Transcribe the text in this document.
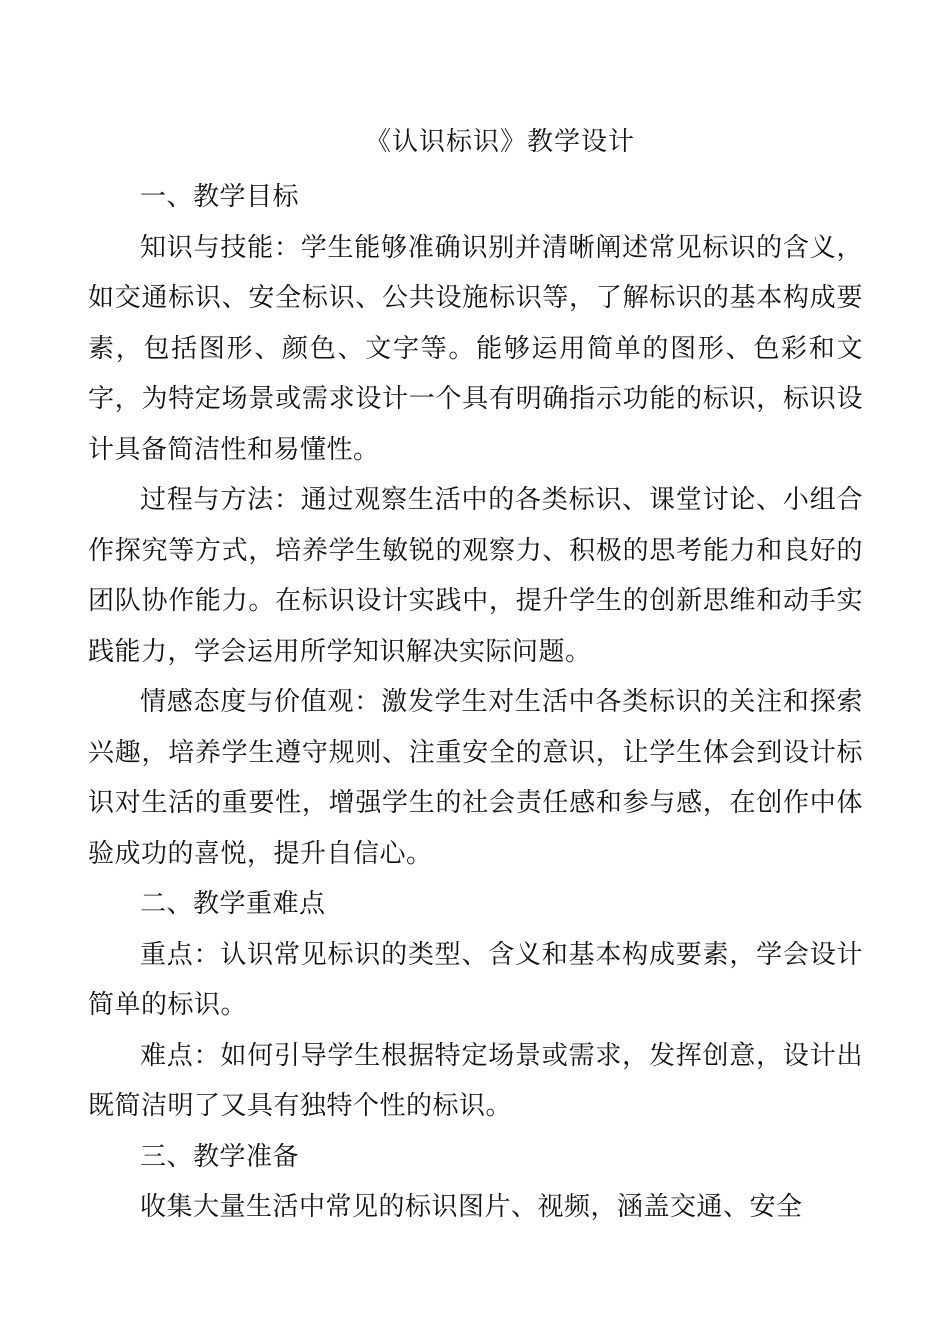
《认识标识》教学设计
一、教学目标

知识与技能：学生能够准确识别并清晰阐述常见标识的含义，如交通标识、安全标识、公共设施标识等，了解标识的基本构成要素，包括图形、颜色、文字等。能够运用简单的图形、色彩和文字，为特定场景或需求设计一个具有明确指示功能的标识，标识设计具备简洁性和易懂性。

过程与方法：通过观察生活中的各类标识、课堂讨论、小组合作探究等方式，培养学生敏锐的观察力、积极的思考能力和良好的团队协作能力。在标识设计实践中，提升学生的创新思维和动手实践能力，学会运用所学知识解决实际问题。

情感态度与价值观：激发学生对生活中各类标识的关注和探索兴趣，培养学生遵守规则、注重安全的意识，让学生体会到设计标识对生活的重要性，增强学生的社会责任感和参与感，在创作中体验成功的喜悦，提升自信心。

二、教学重难点

重点：认识常见标识的类型、含义和基本构成要素，学会设计简单的标识。

难点：如何引导学生根据特定场景或需求，发挥创意，设计出既简洁明了又具有独特个性的标识。

三、教学准备

收集大量生活中常见的标识图片、视频，涵盖交通、安全
